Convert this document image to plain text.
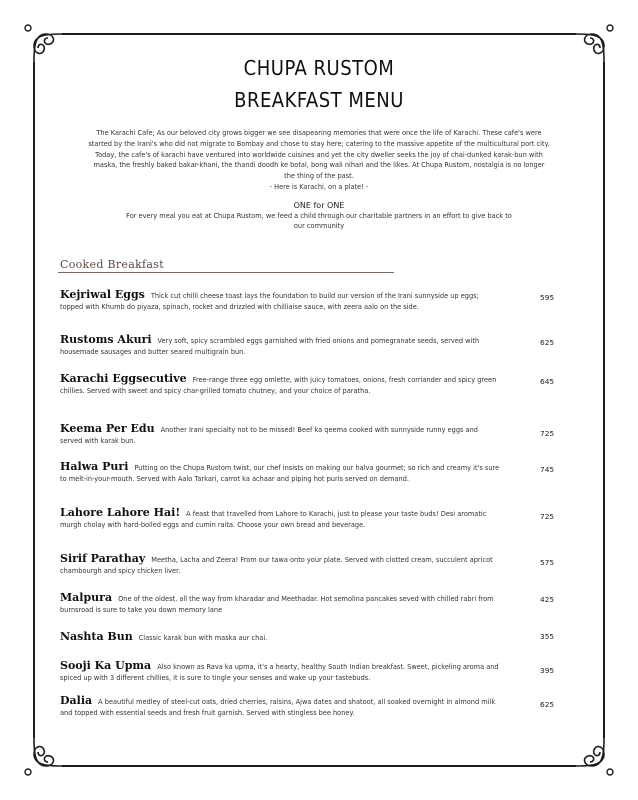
CHUPA RUSTOM
BREAKFAST MENU
The Karachi Cafe; As our beloved city grows bigger we see disapearing memories that were once the life of Karachi. These cafe's were started by the Irani's who did not migrate to Bombay and chose to stay here; catering to the massive appetite of the multicultural port city. Today, the cafe's of karachi have ventured into worldwide cuisines and yet the city dweller seeks the joy of chai-dunked karak-bun with maska, the freshly baked bakar-khani, the thandi doodh ke botal, bong wali nihari and the likes. At Chupa Rustom, nostalgia is no longer the thing of the past.
- Here is Karachi, on a plate! -
ONE for ONE
For every meal you eat at Chupa Rustom, we feed a child through our charitable partners in an effort to give back to our community
Cooked Breakfast
Kejriwal Eggs Thick cut chilli cheese toast lays the foundation to build our version of the Irani sunnyside up eggs; topped with Khumb do piyaza, spinach, rocket and drizzled with chilliaise sauce, with zeera aalo on the side.
595
Rustoms Akuri Very soft, spicy scrambled eggs garnished with fried onions and pomegranate seeds, served with housemade sausages and butter seared multigrain bun.
625
Karachi Eggsecutive Free-range three egg omlette, with juicy tomatoes, onions, fresh corriander and spicy green chillies. Served with sweet and spicy char-grilled tomato chutney, and your choice of paratha.
645
Keema Per Edu Another Irani specialty not to be missed! Beef ka qeema cooked with sunnyside runny eggs and served with karak bun.
725
Halwa Puri Putting on the Chupa Rustom twist, our chef insists on making our halva gourmet; so rich and creamy it's sure to melt-in-your-mouth. Served with Aalo Tarkari, carrot ka achaar and piping hot puris served on demand.
745
Lahore Lahore Hai! A feast that travelled from Lahore to Karachi, just to please your taste buds! Desi aromatic murgh cholay with hard-boiled eggs and cumin raita. Choose your own bread and beverage.
725
Sirif Parathay Meetha, Lacha and Zeera! From our tawa onto your plate. Served with clotted cream, succulent apricot chambourgh and spicy chicken liver.
575
Malpura One of the oldest, all the way from kharadar and Meethadar. Hot semolina pancakes seved with chilled rabri from burnsroad is sure to take you down memory lane
425
Nashta Bun Classic karak bun with maska aur chai.	355
Sooji Ka Upma Also known as Rava ka upma, it's a hearty, healthy South Indian breakfast. Sweet, pickeling aroma and spiced up with 3 different chillies, it is sure to tingle your senses and wake up your tastebuds.
395
Dalia A beautiful medley of steel-cut oats, dried cherries, raisins, Ajwa dates and shatoot, all soaked overnight in almond milk and topped with essential seeds and fresh fruit garnish. Served with stingless bee honey.
625
